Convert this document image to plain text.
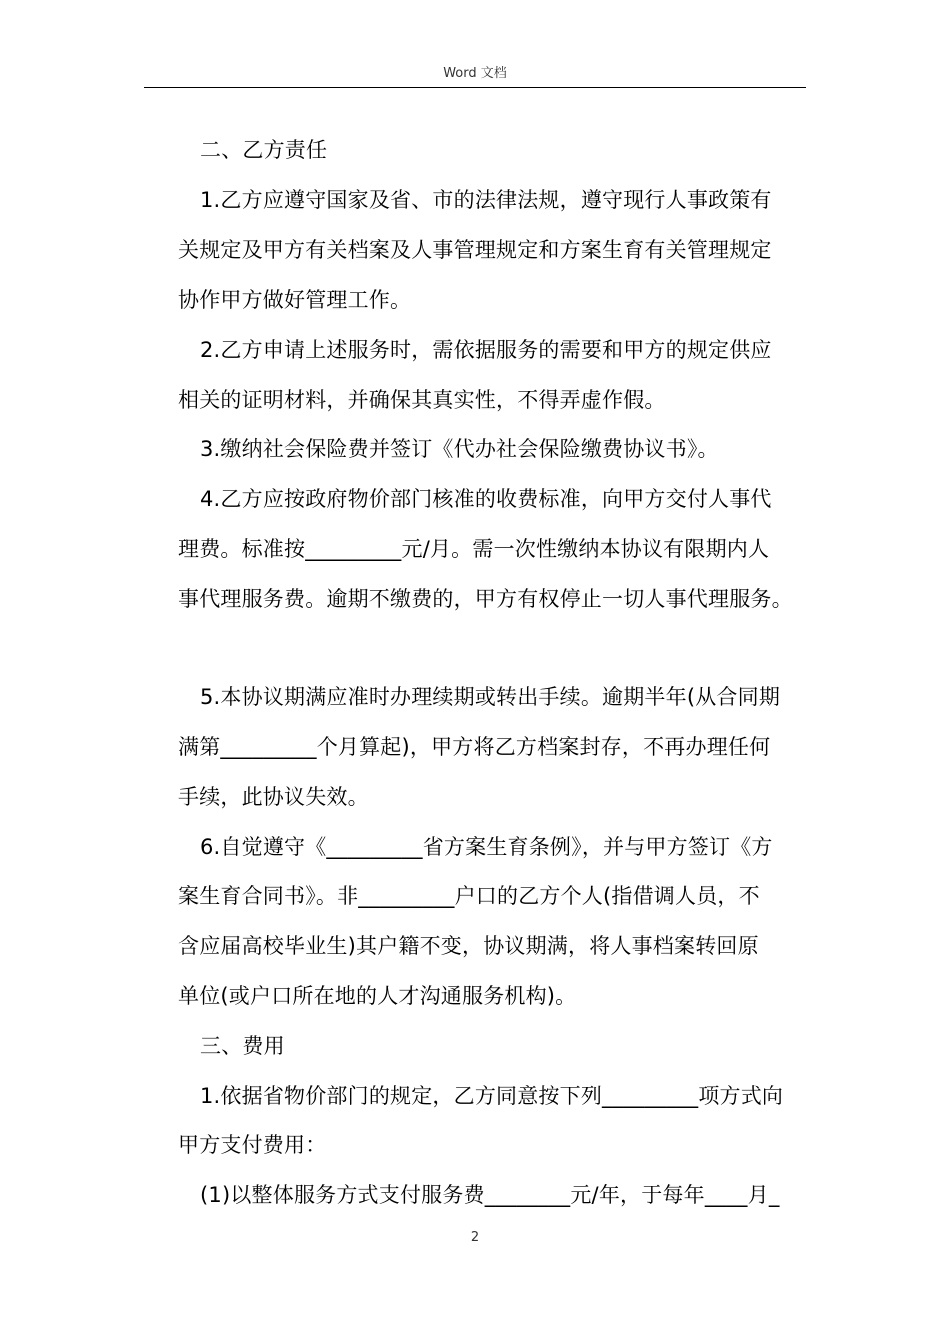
Word 文档
二、乙方责任
1.乙方应遵守国家及省、市的法律法规，遵守现行人事政策有
关规定及甲方有关档案及人事管理规定和方案生育有关管理规定
协作甲方做好管理工作。
2.乙方申请上述服务时，需依据服务的需要和甲方的规定供应
相关的证明材料，并确保其真实性，不得弄虚作假。
3.缴纳社会保险费并签订《代办社会保险缴费协议书》。
4.乙方应按政府物价部门核准的收费标准，向甲方交付人事代
理费。标准按_________元/月。需一次性缴纳本协议有限期内人
事代理服务费。逾期不缴费的，甲方有权停止一切人事代理服务。
5.本协议期满应准时办理续期或转出手续。逾期半年(从合同期
满第_________个月算起)，甲方将乙方档案封存，不再办理任何
手续，此协议失效。
6.自觉遵守《_________省方案生育条例》，并与甲方签订《方
案生育合同书》。非_________户口的乙方个人(指借调人员，不
含应届高校毕业生)其户籍不变，协议期满，将人事档案转回原
单位(或户口所在地的人才沟通服务机构)。
三、费用
1.依据省物价部门的规定，乙方同意按下列_________项方式向
甲方支付费用：
(1)以整体服务方式支付服务费________元/年，于每年____月_
2
